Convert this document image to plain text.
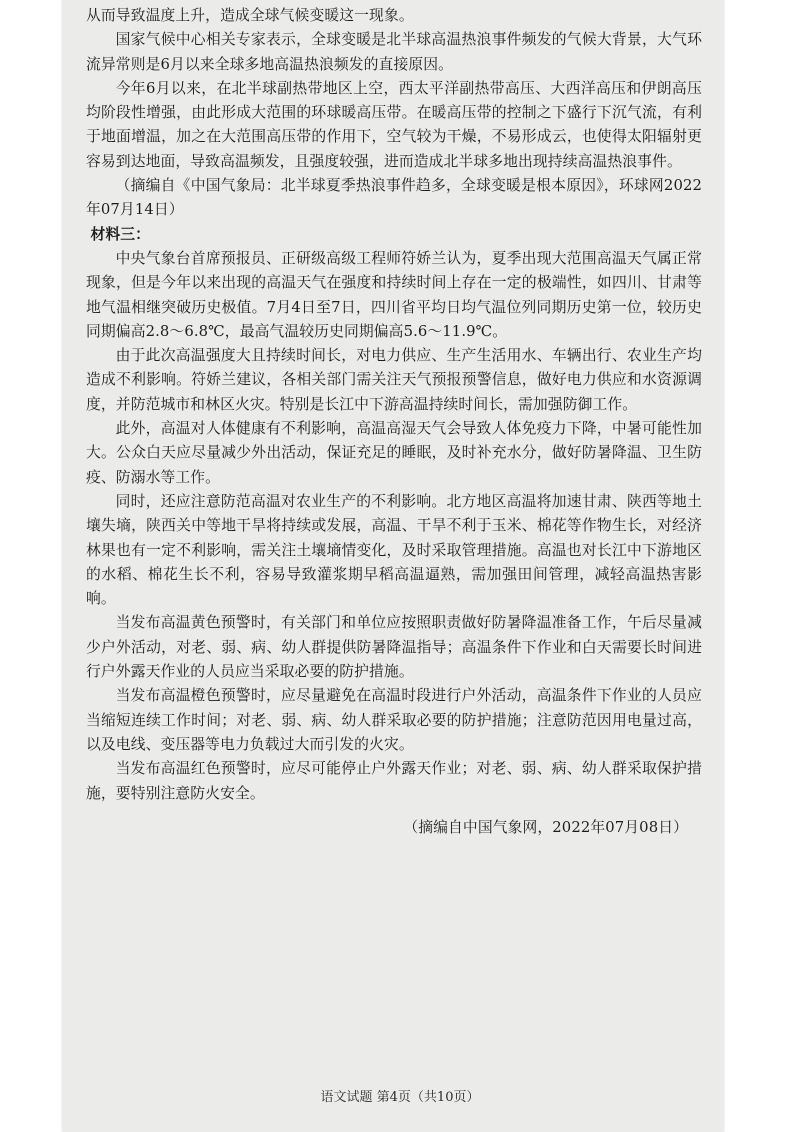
从而导致温度上升，造成全球气候变暖这一现象。

国家气候中心相关专家表示，全球变暖是北半球高温热浪事件频发的气候大背景，大气环流异常则是6月以来全球多地高温热浪频发的直接原因。

今年6月以来，在北半球副热带地区上空，西太平洋副热带高压、大西洋高压和伊朗高压均阶段性增强，由此形成大范围的环球暖高压带。在暖高压带的控制之下盛行下沉气流，有利于地面增温，加之在大范围高压带的作用下，空气较为干燥，不易形成云，也使得太阳辐射更容易到达地面，导致高温频发，且强度较强，进而造成北半球多地出现持续高温热浪事件。

（摘编自《中国气象局：北半球夏季热浪事件趋多，全球变暖是根本原因》，环球网2022年07月14日）

材料三：

中央气象台首席预报员、正研级高级工程师符娇兰认为，夏季出现大范围高温天气属正常现象，但是今年以来出现的高温天气在强度和持续时间上存在一定的极端性，如四川、甘肃等地气温相继突破历史极值。7月4日至7日，四川省平均日均气温位列同期历史第一位，较历史同期偏高2.8～6.8℃，最高气温较历史同期偏高5.6～11.9℃。

由于此次高温强度大且持续时间长，对电力供应、生产生活用水、车辆出行、农业生产均造成不利影响。符娇兰建议，各相关部门需关注天气预报预警信息，做好电力供应和水资源调度，并防范城市和林区火灾。特别是长江中下游高温持续时间长，需加强防御工作。

此外，高温对人体健康有不利影响，高温高湿天气会导致人体免疫力下降，中暑可能性加大。公众白天应尽量减少外出活动，保证充足的睡眠，及时补充水分，做好防暑降温、卫生防疫、防溺水等工作。

同时，还应注意防范高温对农业生产的不利影响。北方地区高温将加速甘肃、陕西等地土壤失墒，陕西关中等地干旱将持续或发展，高温、干旱不利于玉米、棉花等作物生长，对经济林果也有一定不利影响，需关注土壤墒情变化，及时采取管理措施。高温也对长江中下游地区的水稻、棉花生长不利，容易导致灌浆期早稻高温逼熟，需加强田间管理，减轻高温热害影响。

当发布高温黄色预警时，有关部门和单位应按照职责做好防暑降温准备工作，午后尽量减少户外活动，对老、弱、病、幼人群提供防暑降温指导；高温条件下作业和白天需要长时间进行户外露天作业的人员应当采取必要的防护措施。

当发布高温橙色预警时，应尽量避免在高温时段进行户外活动，高温条件下作业的人员应当缩短连续工作时间；对老、弱、病、幼人群采取必要的防护措施；注意防范因用电量过高，以及电线、变压器等电力负载过大而引发的火灾。

当发布高温红色预警时，应尽可能停止户外露天作业；对老、弱、病、幼人群采取保护措施，要特别注意防火安全。

（摘编自中国气象网，2022年07月08日）

语文试题 第4页（共10页）
